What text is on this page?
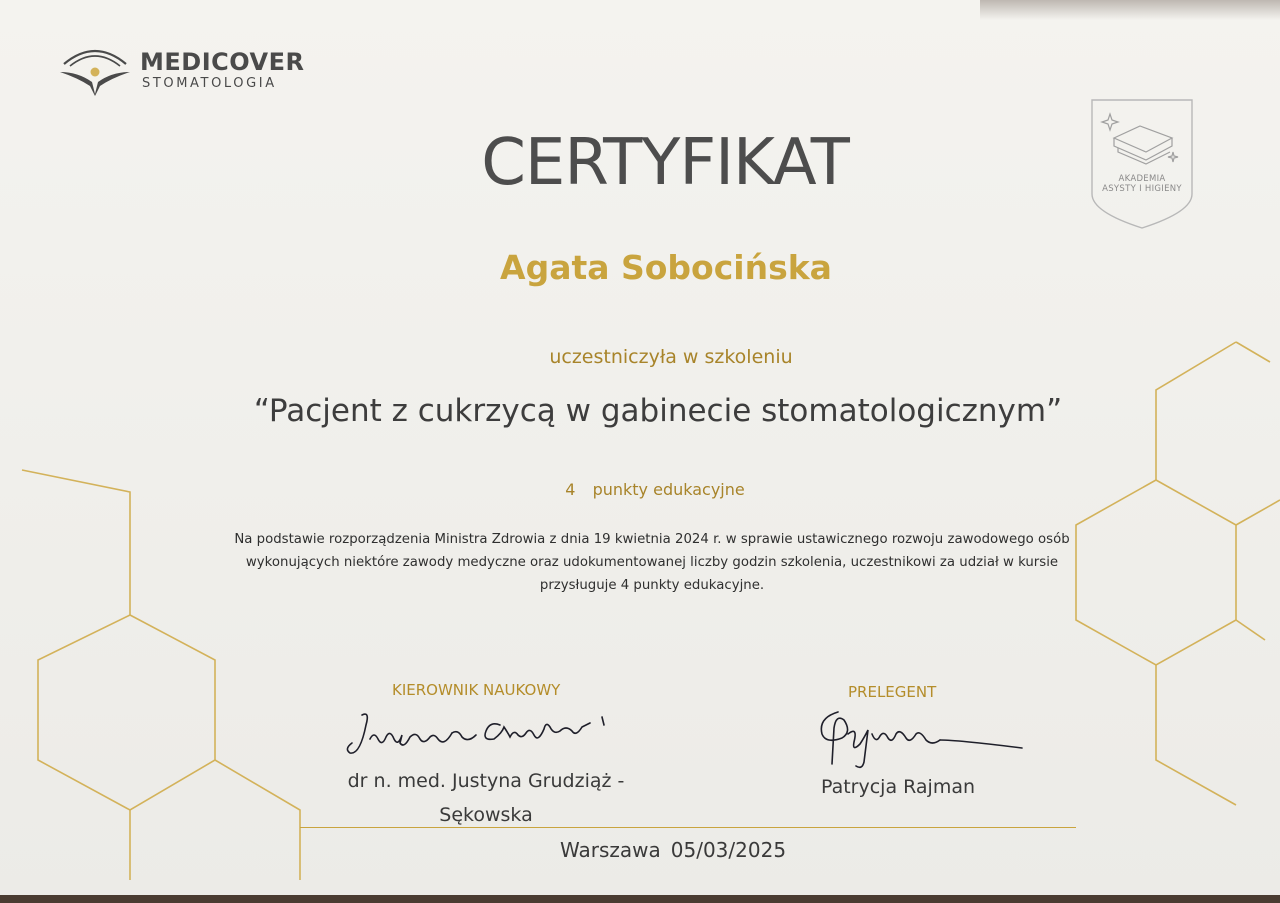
MEDICOVER
STOMATOLOGIA
AKADEMIA
ASYSTY I HIGIENY
CERTYFIKAT
Agata Sobocińska
uczestniczyła w szkoleniu
“Pacjent z cukrzycą w gabinecie stomatologicznym”
4 punkty edukacyjne
Na podstawie rozporządzenia Ministra Zdrowia z dnia 19 kwietnia 2024 r. w sprawie ustawicznego rozwoju zawodowego osób
wykonujących niektóre zawody medyczne oraz udokumentowanej liczby godzin szkolenia, uczestnikowi za udział w kursie
przysługuje 4 punkty edukacyjne.
KIEROWNIK NAUKOWY	PRELEGENT
dr n. med. Justyna Grudziąż -
Sękowska
Patrycja Rajman
Warszawa 05/03/2025
